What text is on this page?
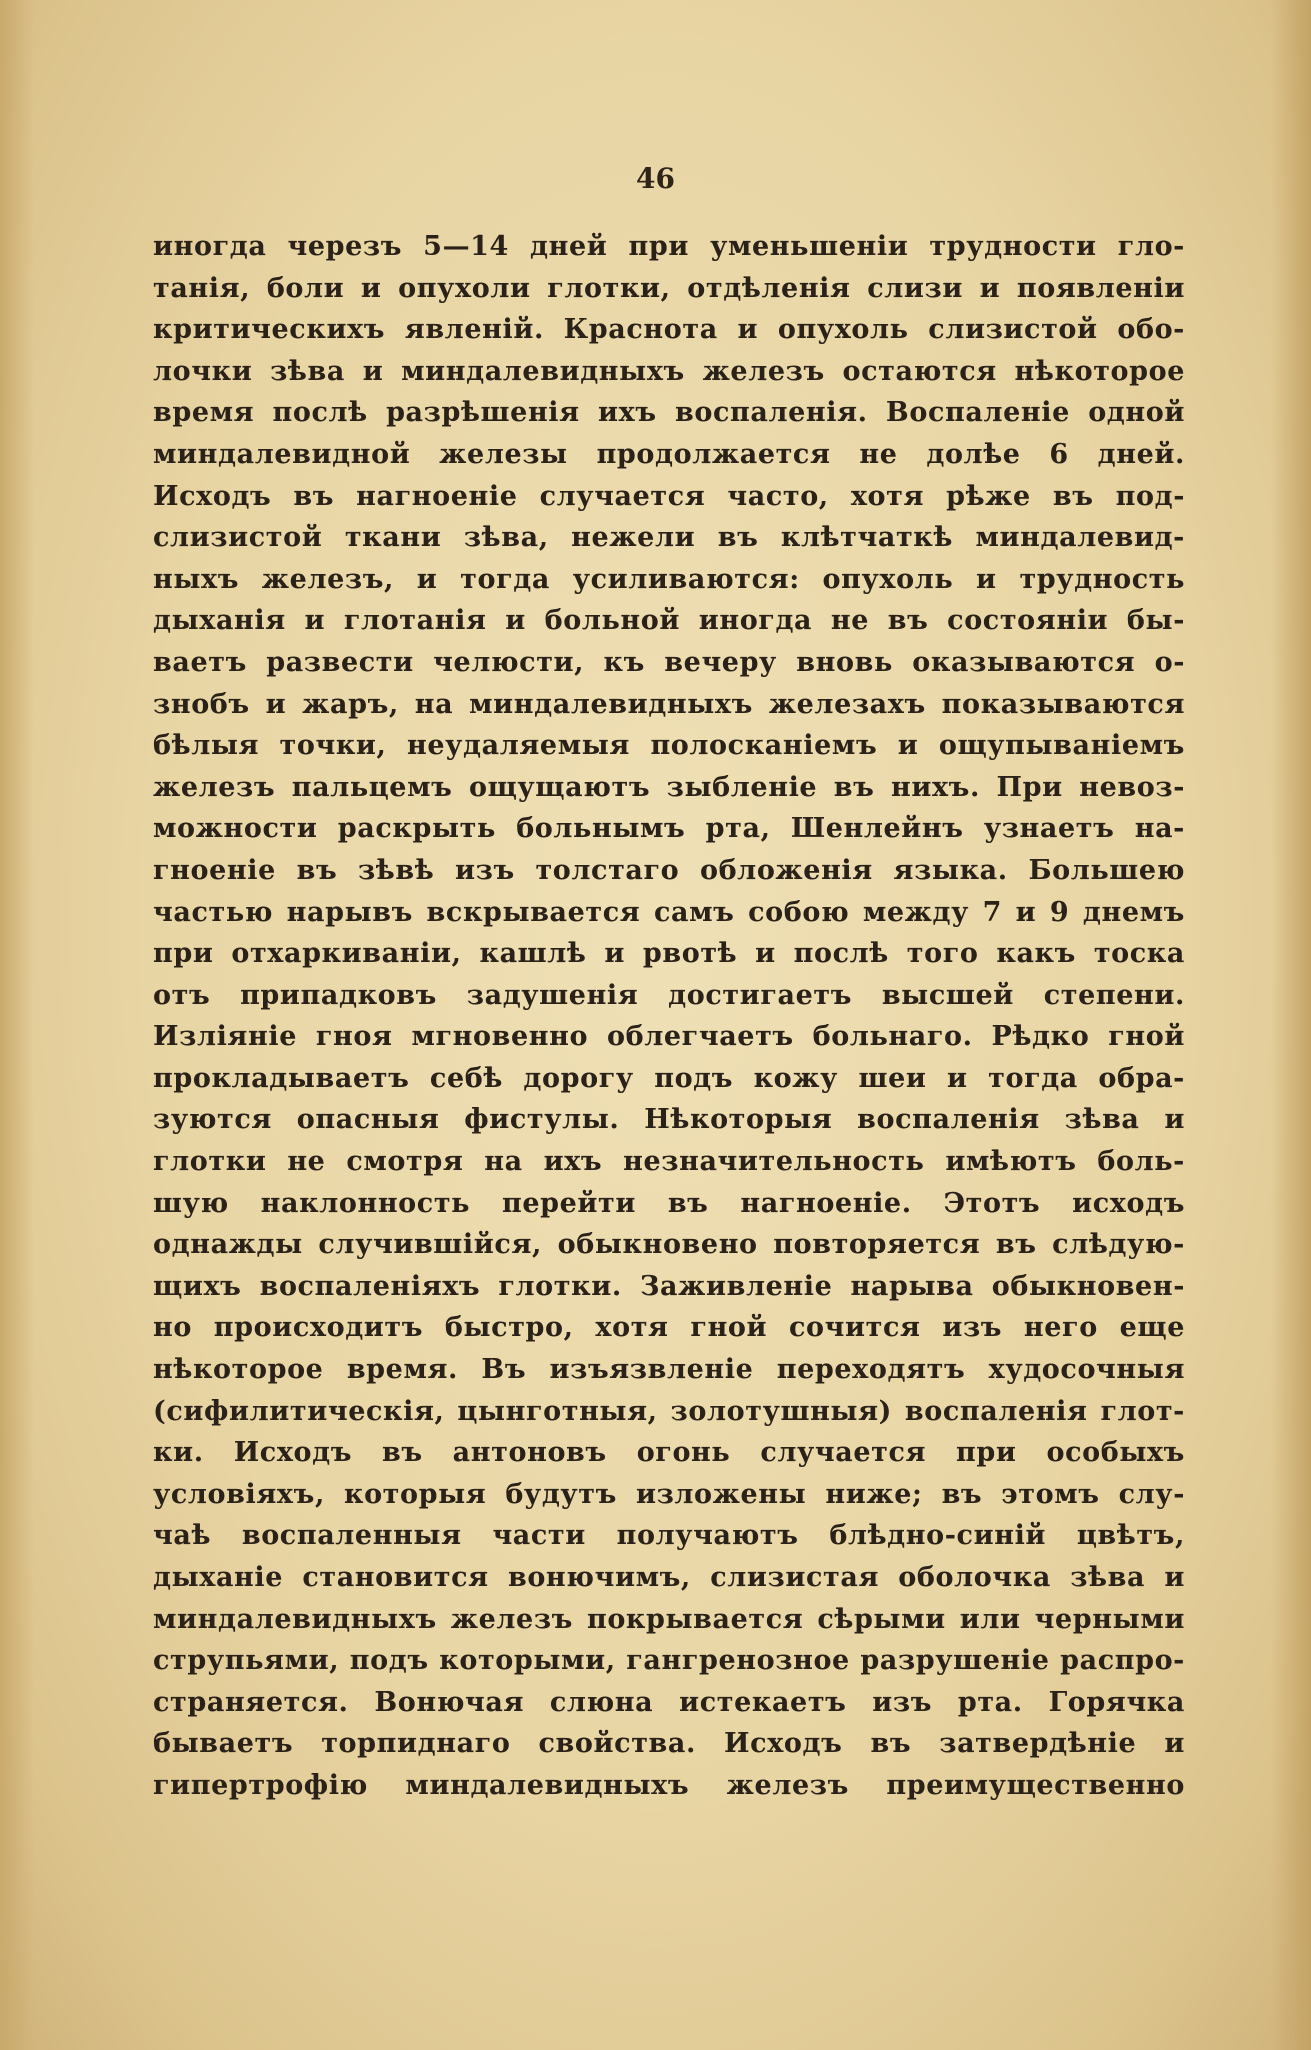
46
иногда черезъ 5—14 дней при уменьшеніи трудности гло-
танія, боли и опухоли глотки, отдѣленія слизи и появленіи
критическихъ явленій. Краснота и опухоль слизистой обо-
лочки зѣва и миндалевидныхъ железъ остаются нѣкоторое
время послѣ разрѣшенія ихъ воспаленія. Воспаленіе одной
миндалевидной железы продолжается не долѣе 6 дней.
Исходъ въ нагноеніе случается часто, хотя рѣже въ под-
слизистой ткани зѣва, нежели въ клѣтчаткѣ миндалевид-
ныхъ железъ, и тогда усиливаются: опухоль и трудность
дыханія и глотанія и больной иногда не въ состояніи бы-
ваетъ развести челюсти, къ вечеру вновь оказываются о-
знобъ и жаръ, на миндалевидныхъ железахъ показываются
бѣлыя точки, неудаляемыя полосканіемъ и ощупываніемъ
железъ пальцемъ ощущаютъ зыбленіе въ нихъ. При невоз-
можности раскрыть больнымъ рта, Шенлейнъ узнаетъ на-
гноеніе въ зѣвѣ изъ толстаго обложенія языка. Большею
частью нарывъ вскрывается самъ собою между 7 и 9 днемъ
при отхаркиваніи, кашлѣ и рвотѣ и послѣ того какъ тоска
отъ припадковъ задушенія достигаетъ высшей степени.
Изліяніе гноя мгновенно облегчаетъ больнаго. Рѣдко гной
прокладываетъ себѣ дорогу подъ кожу шеи и тогда обра-
зуются опасныя фистулы. Нѣкоторыя воспаленія зѣва и
глотки не смотря на ихъ незначительность имѣютъ боль-
шую наклонность перейти въ нагноеніе. Этотъ исходъ
однажды случившійся, обыкновено повторяется въ слѣдую-
щихъ воспаленіяхъ глотки. Заживленіе нарыва обыкновен-
но происходитъ быстро, хотя гной сочится изъ него еще
нѣкоторое время. Въ изъязвленіе переходятъ худосочныя
(сифилитическія, цынготныя, золотушныя) воспаленія глот-
ки. Исходъ въ антоновъ огонь случается при особыхъ
условіяхъ, которыя будутъ изложены ниже; въ этомъ слу-
чаѣ воспаленныя части получаютъ блѣдно-синій цвѣтъ,
дыханіе становится вонючимъ, слизистая оболочка зѣва и
миндалевидныхъ железъ покрывается сѣрыми или черными
струпьями, подъ которыми, гангренозное разрушеніе распро-
страняется. Вонючая слюна истекаетъ изъ рта. Горячка
бываетъ торпиднаго свойства. Исходъ въ затвердѣніе и
гипертрофію миндалевидныхъ железъ преимущественно
